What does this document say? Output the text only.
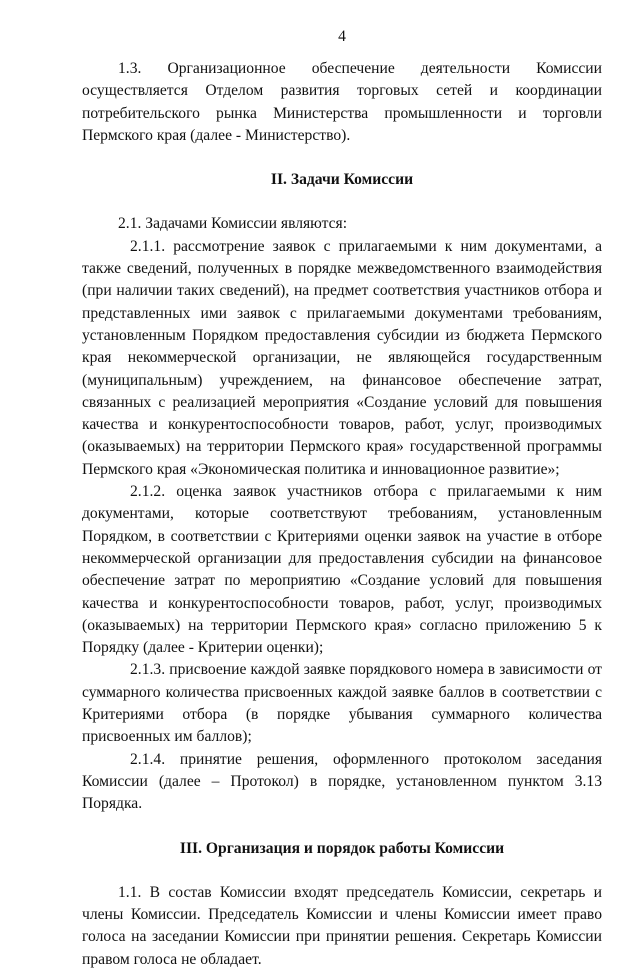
4

1.3. Организационное обеспечение деятельности Комиссии осуществляется Отделом развития торговых сетей и координации потребительского рынка Министерства промышленности и торговли Пермского края (далее - Министерство).

II. Задачи Комиссии

2.1. Задачами Комиссии являются:

2.1.1. рассмотрение заявок с прилагаемыми к ним документами, а также сведений, полученных в порядке межведомственного взаимодействия (при наличии таких сведений), на предмет соответствия участников отбора и представленных ими заявок с прилагаемыми документами требованиям, установленным Порядком предоставления субсидии из бюджета Пермского края некоммерческой организации, не являющейся государственным (муниципальным) учреждением, на финансовое обеспечение затрат, связанных с реализацией мероприятия «Создание условий для повышения качества и конкурентоспособности товаров, работ, услуг, производимых (оказываемых) на территории Пермского края» государственной программы Пермского края «Экономическая политика и инновационное развитие»;

2.1.2. оценка заявок участников отбора с прилагаемыми к ним документами, которые соответствуют требованиям, установленным Порядком, в соответствии с Критериями оценки заявок на участие в отборе некоммерческой организации для предоставления субсидии на финансовое обеспечение затрат по мероприятию «Создание условий для повышения качества и конкурентоспособности товаров, работ, услуг, производимых (оказываемых) на территории Пермского края» согласно приложению 5 к Порядку (далее - Критерии оценки);

2.1.3. присвоение каждой заявке порядкового номера в зависимости от суммарного количества присвоенных каждой заявке баллов в соответствии с Критериями отбора (в порядке убывания суммарного количества присвоенных им баллов);

2.1.4. принятие решения, оформленного протоколом заседания Комиссии (далее – Протокол) в порядке, установленном пунктом 3.13 Порядка.

III. Организация и порядок работы Комиссии

1.1. В состав Комиссии входят председатель Комиссии, секретарь и члены Комиссии. Председатель Комиссии и члены Комиссии имеет право голоса на заседании Комиссии при принятии решения. Секретарь Комиссии правом голоса не обладает.
